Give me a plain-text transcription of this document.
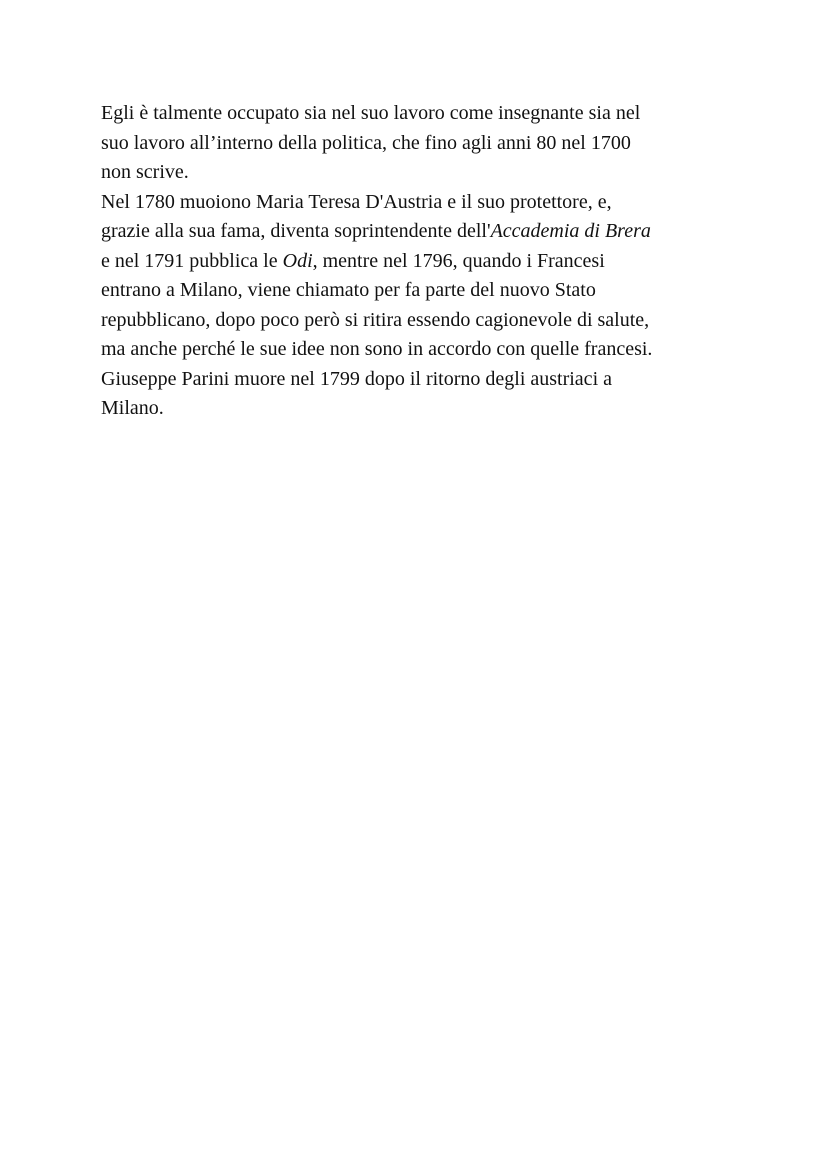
Egli è talmente occupato sia nel suo lavoro come insegnante sia nel
suo lavoro all’interno della politica, che fino agli anni 80 nel 1700
non scrive.
Nel 1780 muoiono Maria Teresa D'Austria e il suo protettore, e,
grazie alla sua fama, diventa soprintendente dell'Accademia di Brera
e nel 1791 pubblica le Odi, mentre nel 1796, quando i Francesi
entrano a Milano, viene chiamato per fa parte del nuovo Stato
repubblicano, dopo poco però si ritira essendo cagionevole di salute,
ma anche perché le sue idee non sono in accordo con quelle francesi.
Giuseppe Parini muore nel 1799 dopo il ritorno degli austriaci a
Milano.
